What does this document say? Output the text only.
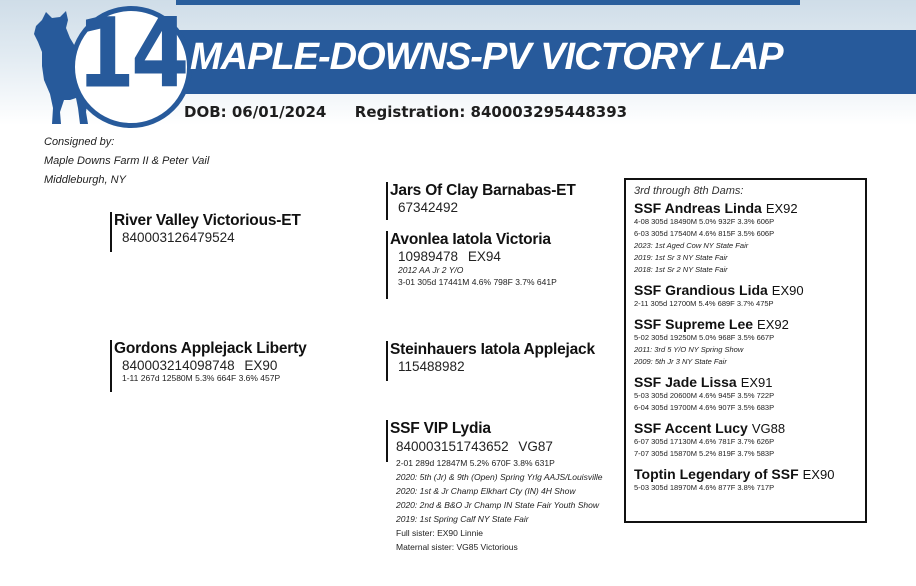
14 MAPLE-DOWNS-PV VICTORY LAP
DOB: 06/01/2024 Registration: 840003295448393
Consigned by:
Maple Downs Farm II & Peter Vail
Middleburgh, NY
River Valley Victorious-ET
840003126479524
Gordons Applejack Liberty
840003214098748 EX90
1-11 267d 12580M 5.3% 664F 3.6% 457P
Jars Of Clay Barnabas-ET
67342492
Avonlea Iatola Victoria
10989478 EX94
2012 AA Jr 2 Y/O
3-01 305d 17441M 4.6% 798F 3.7% 641P
Steinhauers Iatola Applejack
115488982
SSF VIP Lydia
840003151743652 VG87
2-01 289d 12847M 5.2% 670F 3.8% 631P
2020: 5th (Jr) & 9th (Open) Spring Yrlg AAJS/Louisville
2020: 1st & Jr Champ Elkhart Cty (IN) 4H Show
2020: 2nd & B&O Jr Champ IN State Fair Youth Show
2019: 1st Spring Calf NY State Fair
Full sister: EX90 Linnie
Maternal sister: VG85 Victorious
3rd through 8th Dams:
SSF Andreas Linda EX92
4-08 305d 18490M 5.0% 932F 3.3% 606P
6-03 305d 17540M 4.6% 815F 3.5% 606P
2023: 1st Aged Cow NY State Fair
2019: 1st Sr 3 NY State Fair
2018: 1st Sr 2 NY State Fair
SSF Grandious Lida EX90
2-11 305d 12700M 5.4% 689F 3.7% 475P
SSF Supreme Lee EX92
5-02 305d 19250M 5.0% 968F 3.5% 667P
2011: 3rd 5 Y/O NY Spring Show
2009: 5th Jr 3 NY State Fair
SSF Jade Lissa EX91
5-03 305d 20600M 4.6% 945F 3.5% 722P
6-04 305d 19700M 4.6% 907F 3.5% 683P
SSF Accent Lucy VG88
6-07 305d 17130M 4.6% 781F 3.7% 626P
7-07 305d 15870M 5.2% 819F 3.7% 583P
Toptin Legendary of SSF EX90
5-03 305d 18970M 4.6% 877F 3.8% 717P
